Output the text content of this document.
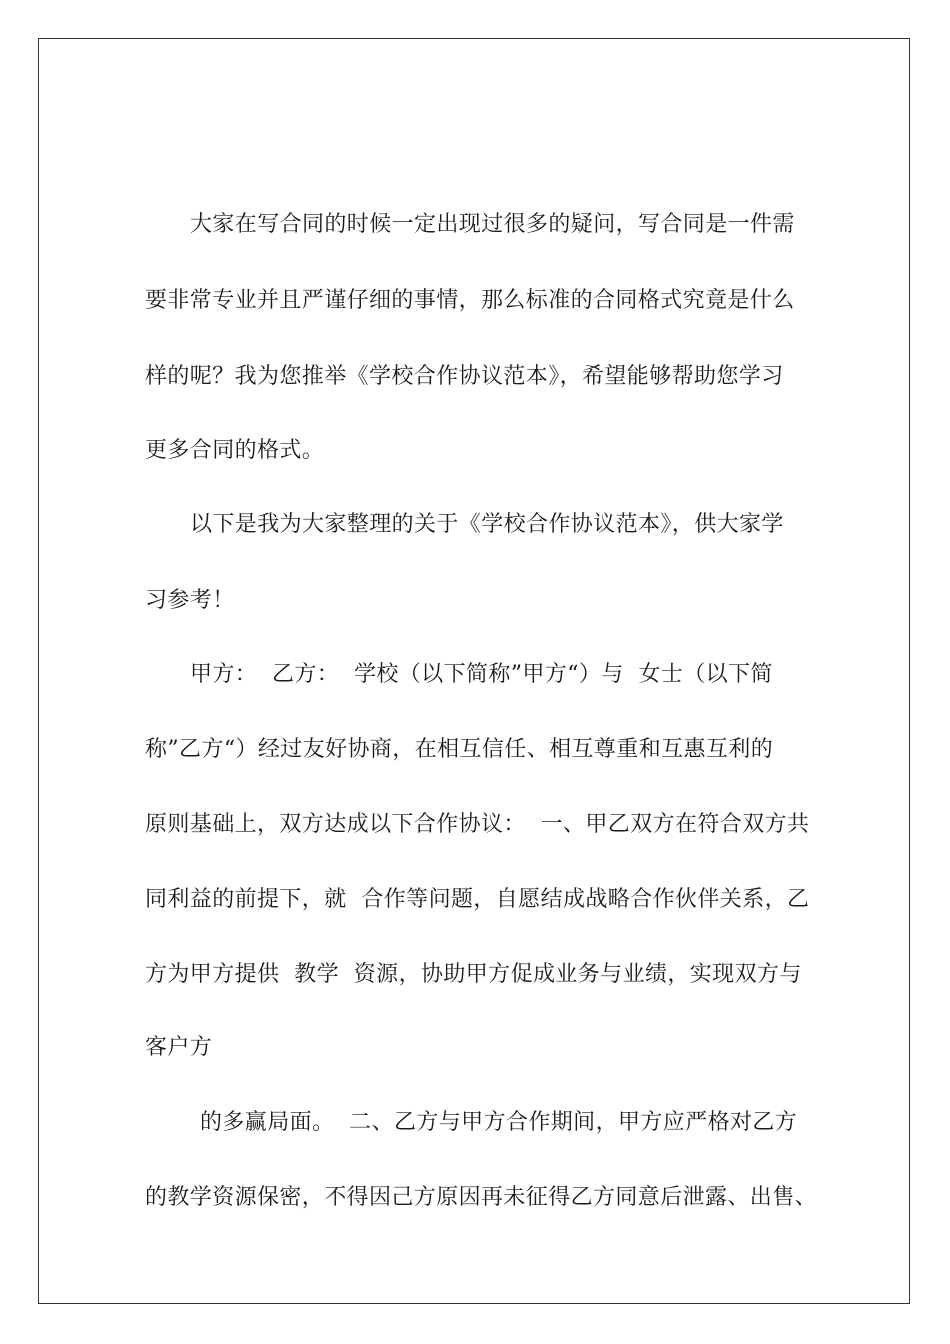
大家在写合同的时候一定出现过很多的疑问，写合同是一件需

要非常专业并且严谨仔细的事情，那么标准的合同格式究竟是什么

样的呢？我为您推举《学校合作协议范本》，希望能够帮助您学习

更多合同的格式。

以下是我为大家整理的关于《学校合作协议范本》，供大家学

习参考！

甲方：  乙方：  学校（以下简称”甲方“）与  女士（以下简

称”乙方“）经过友好协商，在相互信任、相互尊重和互惠互利的

原则基础上，双方达成以下合作协议：  一、甲乙双方在符合双方共

同利益的前提下，就  合作等问题，自愿结成战略合作伙伴关系，乙

方为甲方提供  教学  资源，协助甲方促成业务与业绩，实现双方与

客户方

的多赢局面。  二、乙方与甲方合作期间，甲方应严格对乙方

的教学资源保密，不得因己方原因再未征得乙方同意后泄露、出售、
